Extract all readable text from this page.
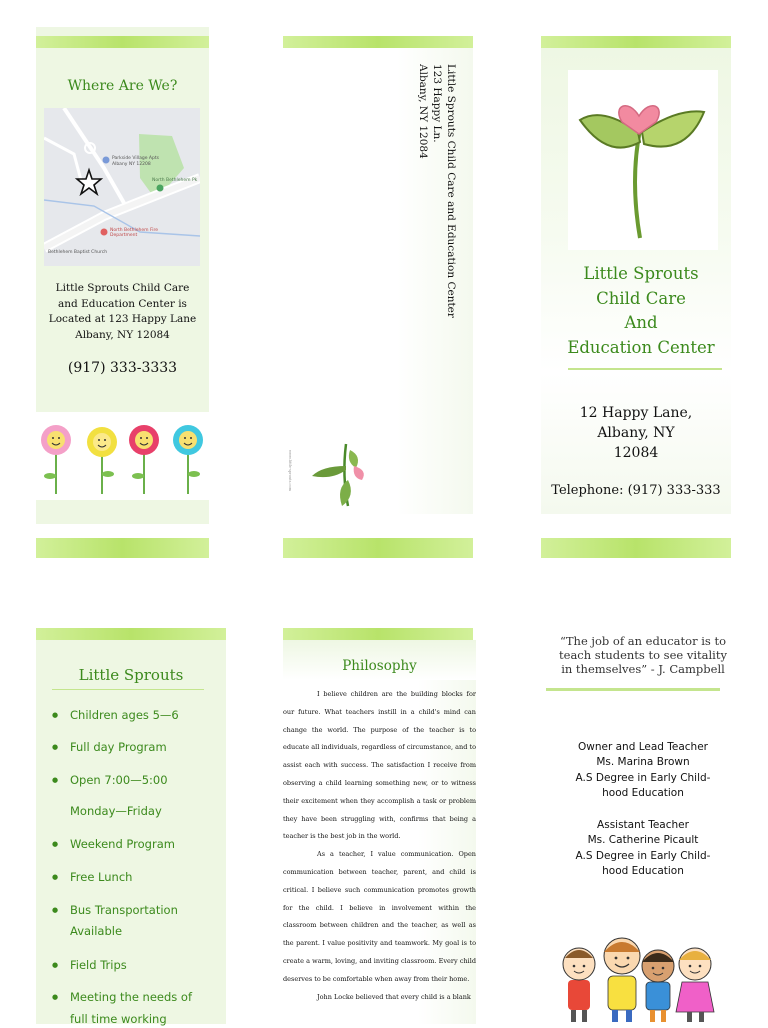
Where Are We?
Parkside Village Apts
Albany NY 12208
North Bethlehem Pk
North Bethlehem Fire Department
Bethlehem Baptist Church
Little Sprouts Child Care
and Education Center is
Located at 123 Happy Lane
Albany, NY 12084
(917) 333-3333
Little Sprouts Child Care and Education Center
123 Happy Ln.
Albany, NY 12084
www.little-sprouts.com
Little Sprouts
Child Care
And
Education Center
12 Happy Lane,
Albany, NY
12084
Telephone: (917) 333-333
Little Sprouts
● Children ages 5—6
● Full day Program
● Open 7:00—5:00
Monday—Friday
● Weekend Program
● Free Lunch
● Bus Transportation
Available
● Field Trips
● Meeting the needs of
full time working
Philosophy

I believe children are the building blocks for our future. What teachers instill in a child's mind can change the world. The purpose of the teacher is to educate all individuals, regardless of circumstance, and to assist each with success. The satisfaction I receive from observing a child learning something new, or to witness their excitement when they accomplish a task or problem they have been struggling with, confirms that being a teacher is the best job in the world.

As a teacher, I value communication. Open communication between teacher, parent, and child is critical. I believe such communication promotes growth for the child. I believe in involvement within the classroom between children and the teacher, as well as the parent. I value positivity and teamwork. My goal is to create a warm, loving, and inviting classroom. Every child deserves to be comfortable when away from their home.

John Locke believed that every child is a blank

“The job of an educator is to
teach students to see vitality
in themselves” - J. Campbell
Owner and Lead Teacher
Ms. Marina Brown
A.S Degree in Early Child-
hood Education
Assistant Teacher
Ms. Catherine Picault
A.S Degree in Early Child-
hood Education
